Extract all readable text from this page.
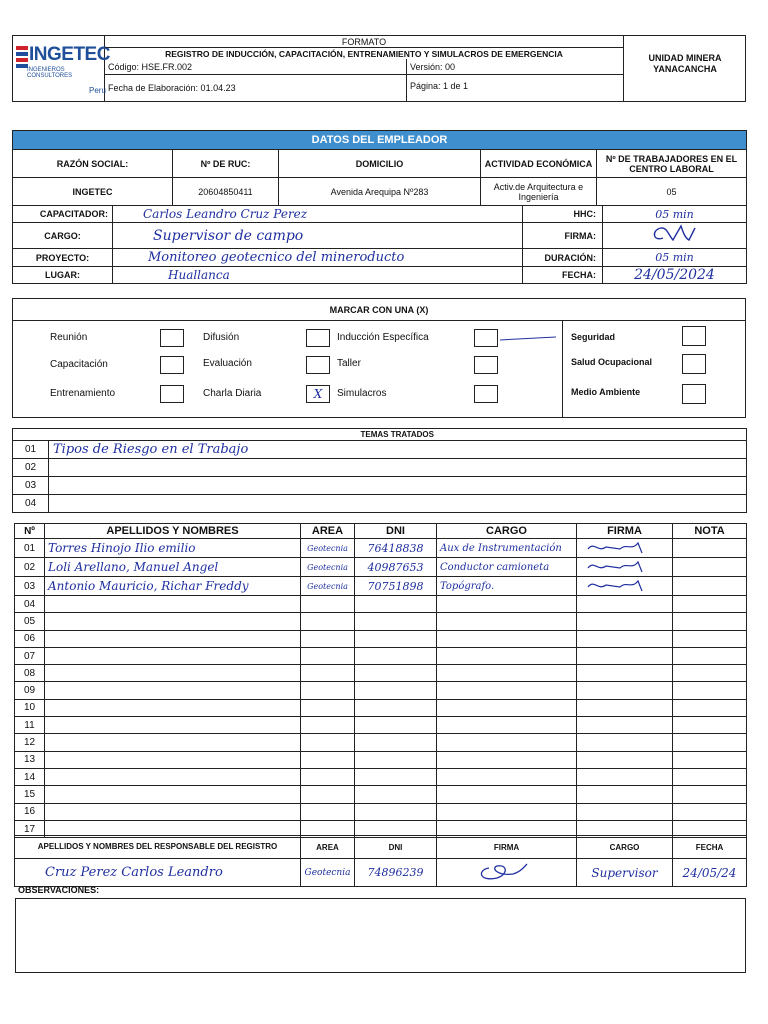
INGETEC
INGENIEROS CONSULTORES
Peru
FORMATO
REGISTRO DE INDUCCIÓN, CAPACITACIÓN, ENTRENAMIENTO Y SIMULACROS DE EMERGENCIA
Código: HSE.FR.002	Versión: 00
Fecha de Elaboración: 01.04.23	Página: 1 de 1
UNIDAD MINERA YANACANCHA
DATOS DEL EMPLEADOR				
RAZÓN SOCIAL:	Nº DE RUC:	DOMICILIO	ACTIVIDAD ECONÓMICA	Nº DE TRABAJADORES EN EL CENTRO LABORAL
INGETEC	20604850411	Avenida Arequipa Nº283	Activ.de Arquitectura e Ingeniería	05
CAPACITADOR:	Carlos Leandro Cruz Perez	HHC:	05 min
CARGO:	Supervisor de campo	FIRMA:	
PROYECTO:	Monitoreo geotecnico del mineroducto	DURACIÓN:	05 min
LUGAR:	Huallanca	FECHA:	24/05/2024
MARCAR CON UNA (X)
Reunión
Capacitación
Entrenamiento
Difusión
Evaluación
Charla Diaria	X
Inducción Específica
Taller
Simulacros
Seguridad
Salud Ocupacional
Medio Ambiente
	TEMAS TRATADOS
01	Tipos de Riesgo en el Trabajo
02	
03	
04	
Nº	APELLIDOS Y NOMBRES	AREA	DNI	CARGO	FIRMA	NOTA
01	Torres Hinojo Ilio emilio	Geotecnia	76418838	Aux de Instrumentación		
02	Loli Arellano, Manuel Angel	Geotecnia	40987653	Conductor camioneta		
03	Antonio Mauricio, Richar Freddy	Geotecnia	70751898	Topógrafo.		
04						
05						
06						
07						
08						
09						
10						
11						
12						
13						
14						
15						
16						
17						
APELLIDOS Y NOMBRES DEL RESPONSABLE DEL REGISTRO	AREA	DNI	FIRMA	CARGO	FECHA
Cruz Perez Carlos Leandro	Geotecnia	74896239		Supervisor	24/05/24
OBSERVACIONES:
